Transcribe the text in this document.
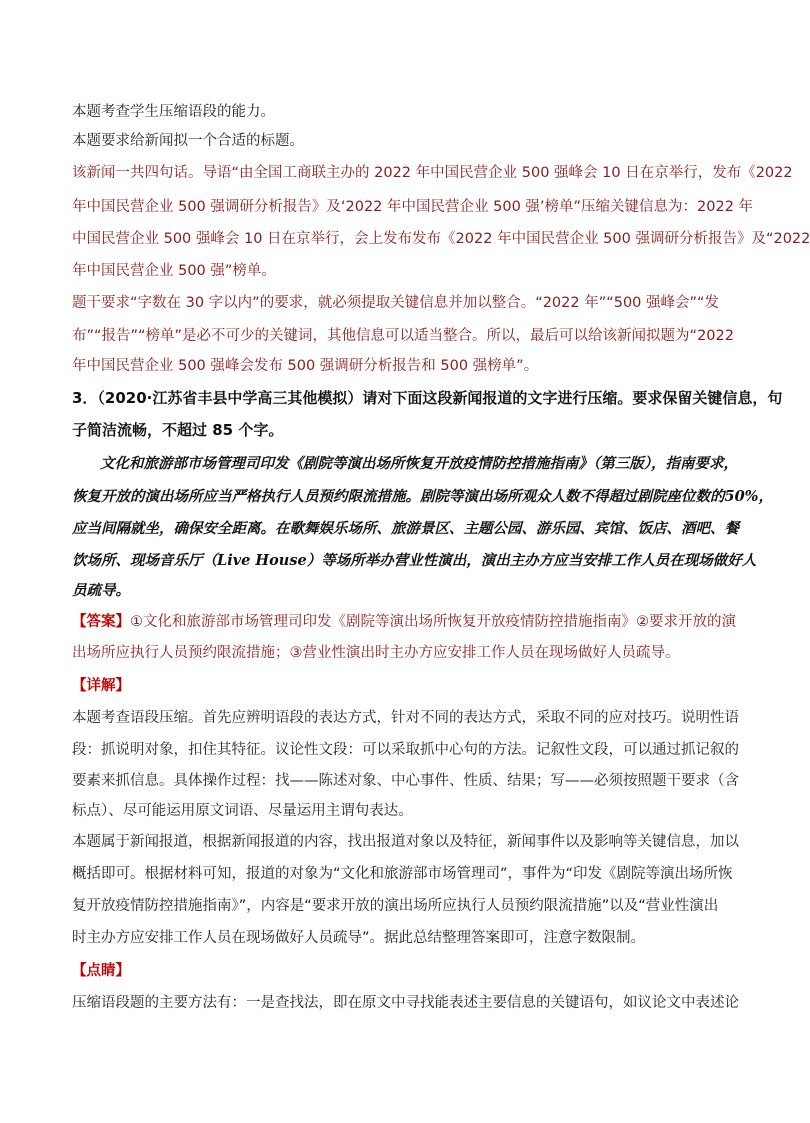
本题考查学生压缩语段的能力。
本题要求给新闻拟一个合适的标题。
该新闻一共四句话。导语“由全国工商联主办的 2022 年中国民营企业 500 强峰会 10 日在京举行，发布《2022
年中国民营企业 500 强调研分析报告》及‘2022 年中国民营企业 500 强’榜单”压缩关键信息为：2022 年
中国民营企业 500 强峰会 10 日在京举行，会上发布发布《2022 年中国民营企业 500 强调研分析报告》及“2022
年中国民营企业 500 强”榜单。
题干要求“字数在 30 字以内”的要求，就必须提取关键信息并加以整合。“2022 年”“500 强峰会”“发
布”“报告”“榜单”是必不可少的关键词，其他信息可以适当整合。所以，最后可以给该新闻拟题为“2022
年中国民营企业 500 强峰会发布 500 强调研分析报告和 500 强榜单”。
3．（2020·江苏省丰县中学高三其他模拟）请对下面这段新闻报道的文字进行压缩。要求保留关键信息，句
子简洁流畅，不超过 85 个字。
文化和旅游部市场管理司印发《剧院等演出场所恢复开放疫情防控措施指南》（第三版），指南要求，
恢复开放的演出场所应当严格执行人员预约限流措施。剧院等演出场所观众人数不得超过剧院座位数的50%，
应当间隔就坐，确保安全距离。在歌舞娱乐场所、旅游景区、主题公园、游乐园、宾馆、饭店、酒吧、餐
饮场所、现场音乐厅（Live House）等场所举办营业性演出，演出主办方应当安排工作人员在现场做好人
员疏导。
【答案】①文化和旅游部市场管理司印发《剧院等演出场所恢复开放疫情防控措施指南》②要求开放的演
出场所应执行人员预约限流措施；③营业性演出时主办方应安排工作人员在现场做好人员疏导。
【详解】
本题考查语段压缩。首先应辨明语段的表达方式，针对不同的表达方式，采取不同的应对技巧。说明性语
段：抓说明对象，扣住其特征。议论性文段：可以采取抓中心句的方法。记叙性文段，可以通过抓记叙的
要素来抓信息。具体操作过程：找——陈述对象、中心事件、性质、结果；写——必须按照题干要求（含
标点）、尽可能运用原文词语、尽量运用主谓句表达。
本题属于新闻报道，根据新闻报道的内容，找出报道对象以及特征，新闻事件以及影响等关键信息，加以
概括即可。根据材料可知，报道的对象为“文化和旅游部市场管理司”，事件为“印发《剧院等演出场所恢
复开放疫情防控措施指南》”，内容是“要求开放的演出场所应执行人员预约限流措施”以及“营业性演出
时主办方应安排工作人员在现场做好人员疏导”。据此总结整理答案即可，注意字数限制。
【点睛】
压缩语段题的主要方法有：一是查找法，即在原文中寻找能表述主要信息的关键语句，如议论文中表述论
